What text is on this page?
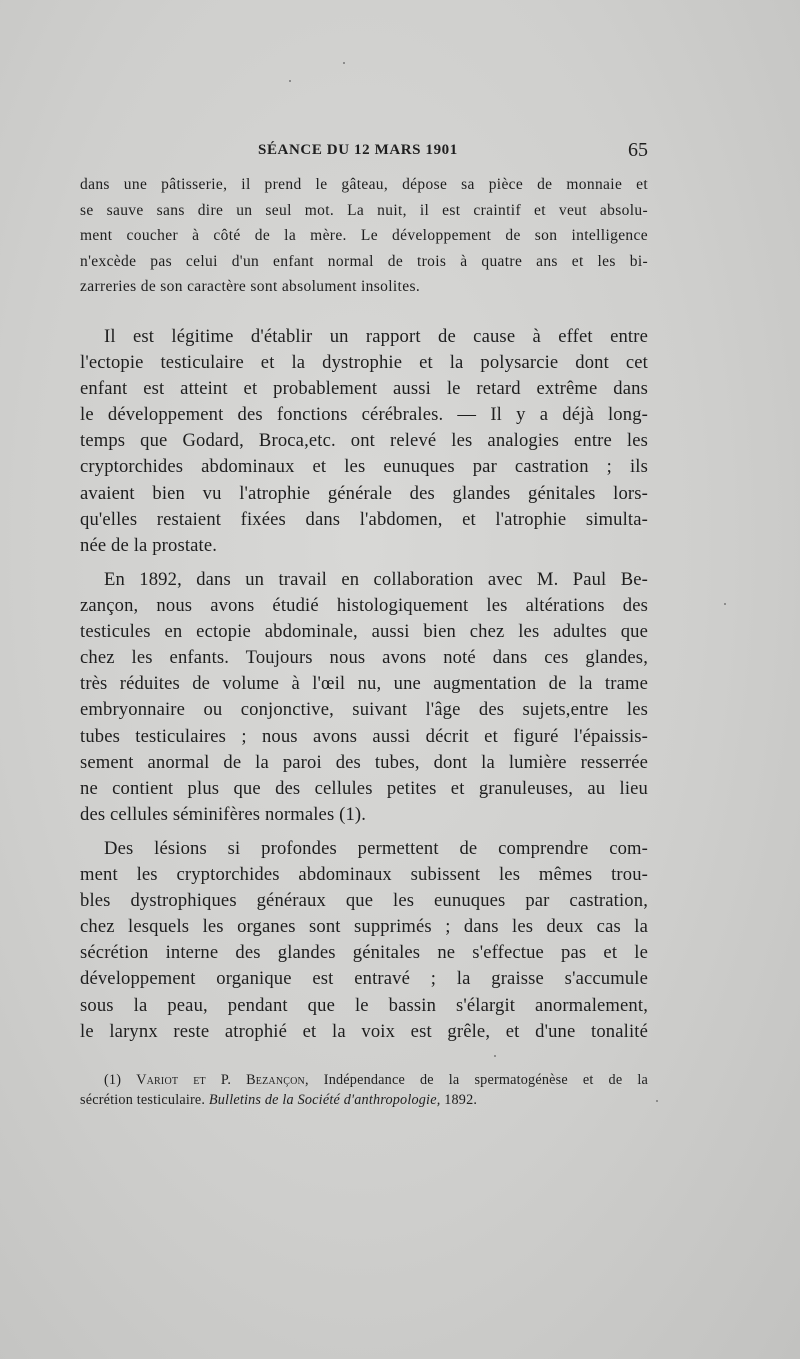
SÉANCE DU 12 MARS 1901	65
dans une pâtisserie, il prend le gâteau, dépose sa pièce de monnaie et
se sauve sans dire un seul mot. La nuit, il est craintif et veut absolu-
ment coucher à côté de la mère. Le développement de son intelligence
n'excède pas celui d'un enfant normal de trois à quatre ans et les bi-
zarreries de son caractère sont absolument insolites.
Il est légitime d'établir un rapport de cause à effet entre
l'ectopie testiculaire et la dystrophie et la polysarcie dont cet
enfant est atteint et probablement aussi le retard extrême dans
le développement des fonctions cérébrales. — Il y a déjà long-
temps que Godard, Broca,etc. ont relevé les analogies entre les
cryptorchides abdominaux et les eunuques par castration ; ils
avaient bien vu l'atrophie générale des glandes génitales lors-
qu'elles restaient fixées dans l'abdomen, et l'atrophie simulta-
née de la prostate.
En 1892, dans un travail en collaboration avec M. Paul Be-
zançon, nous avons étudié histologiquement les altérations des
testicules en ectopie abdominale, aussi bien chez les adultes que
chez les enfants. Toujours nous avons noté dans ces glandes,
très réduites de volume à l'œil nu, une augmentation de la trame
embryonnaire ou conjonctive, suivant l'âge des sujets,entre les
tubes testiculaires ; nous avons aussi décrit et figuré l'épaissis-
sement anormal de la paroi des tubes, dont la lumière resserrée
ne contient plus que des cellules petites et granuleuses, au lieu
des cellules séminifères normales (1).
Des lésions si profondes permettent de comprendre com-
ment les cryptorchides abdominaux subissent les mêmes trou-
bles dystrophiques généraux que les eunuques par castration,
chez lesquels les organes sont supprimés ; dans les deux cas la
sécrétion interne des glandes génitales ne s'effectue pas et le
développement organique est entravé ; la graisse s'accumule
sous la peau, pendant que le bassin s'élargit anormalement,
le larynx reste atrophié et la voix est grêle, et d'une tonalité
(1) Variot et P. Bezançon, Indépendance de la spermatogénèse et de la
sécrétion testiculaire. Bulletins de la Société d'anthropologie, 1892.
